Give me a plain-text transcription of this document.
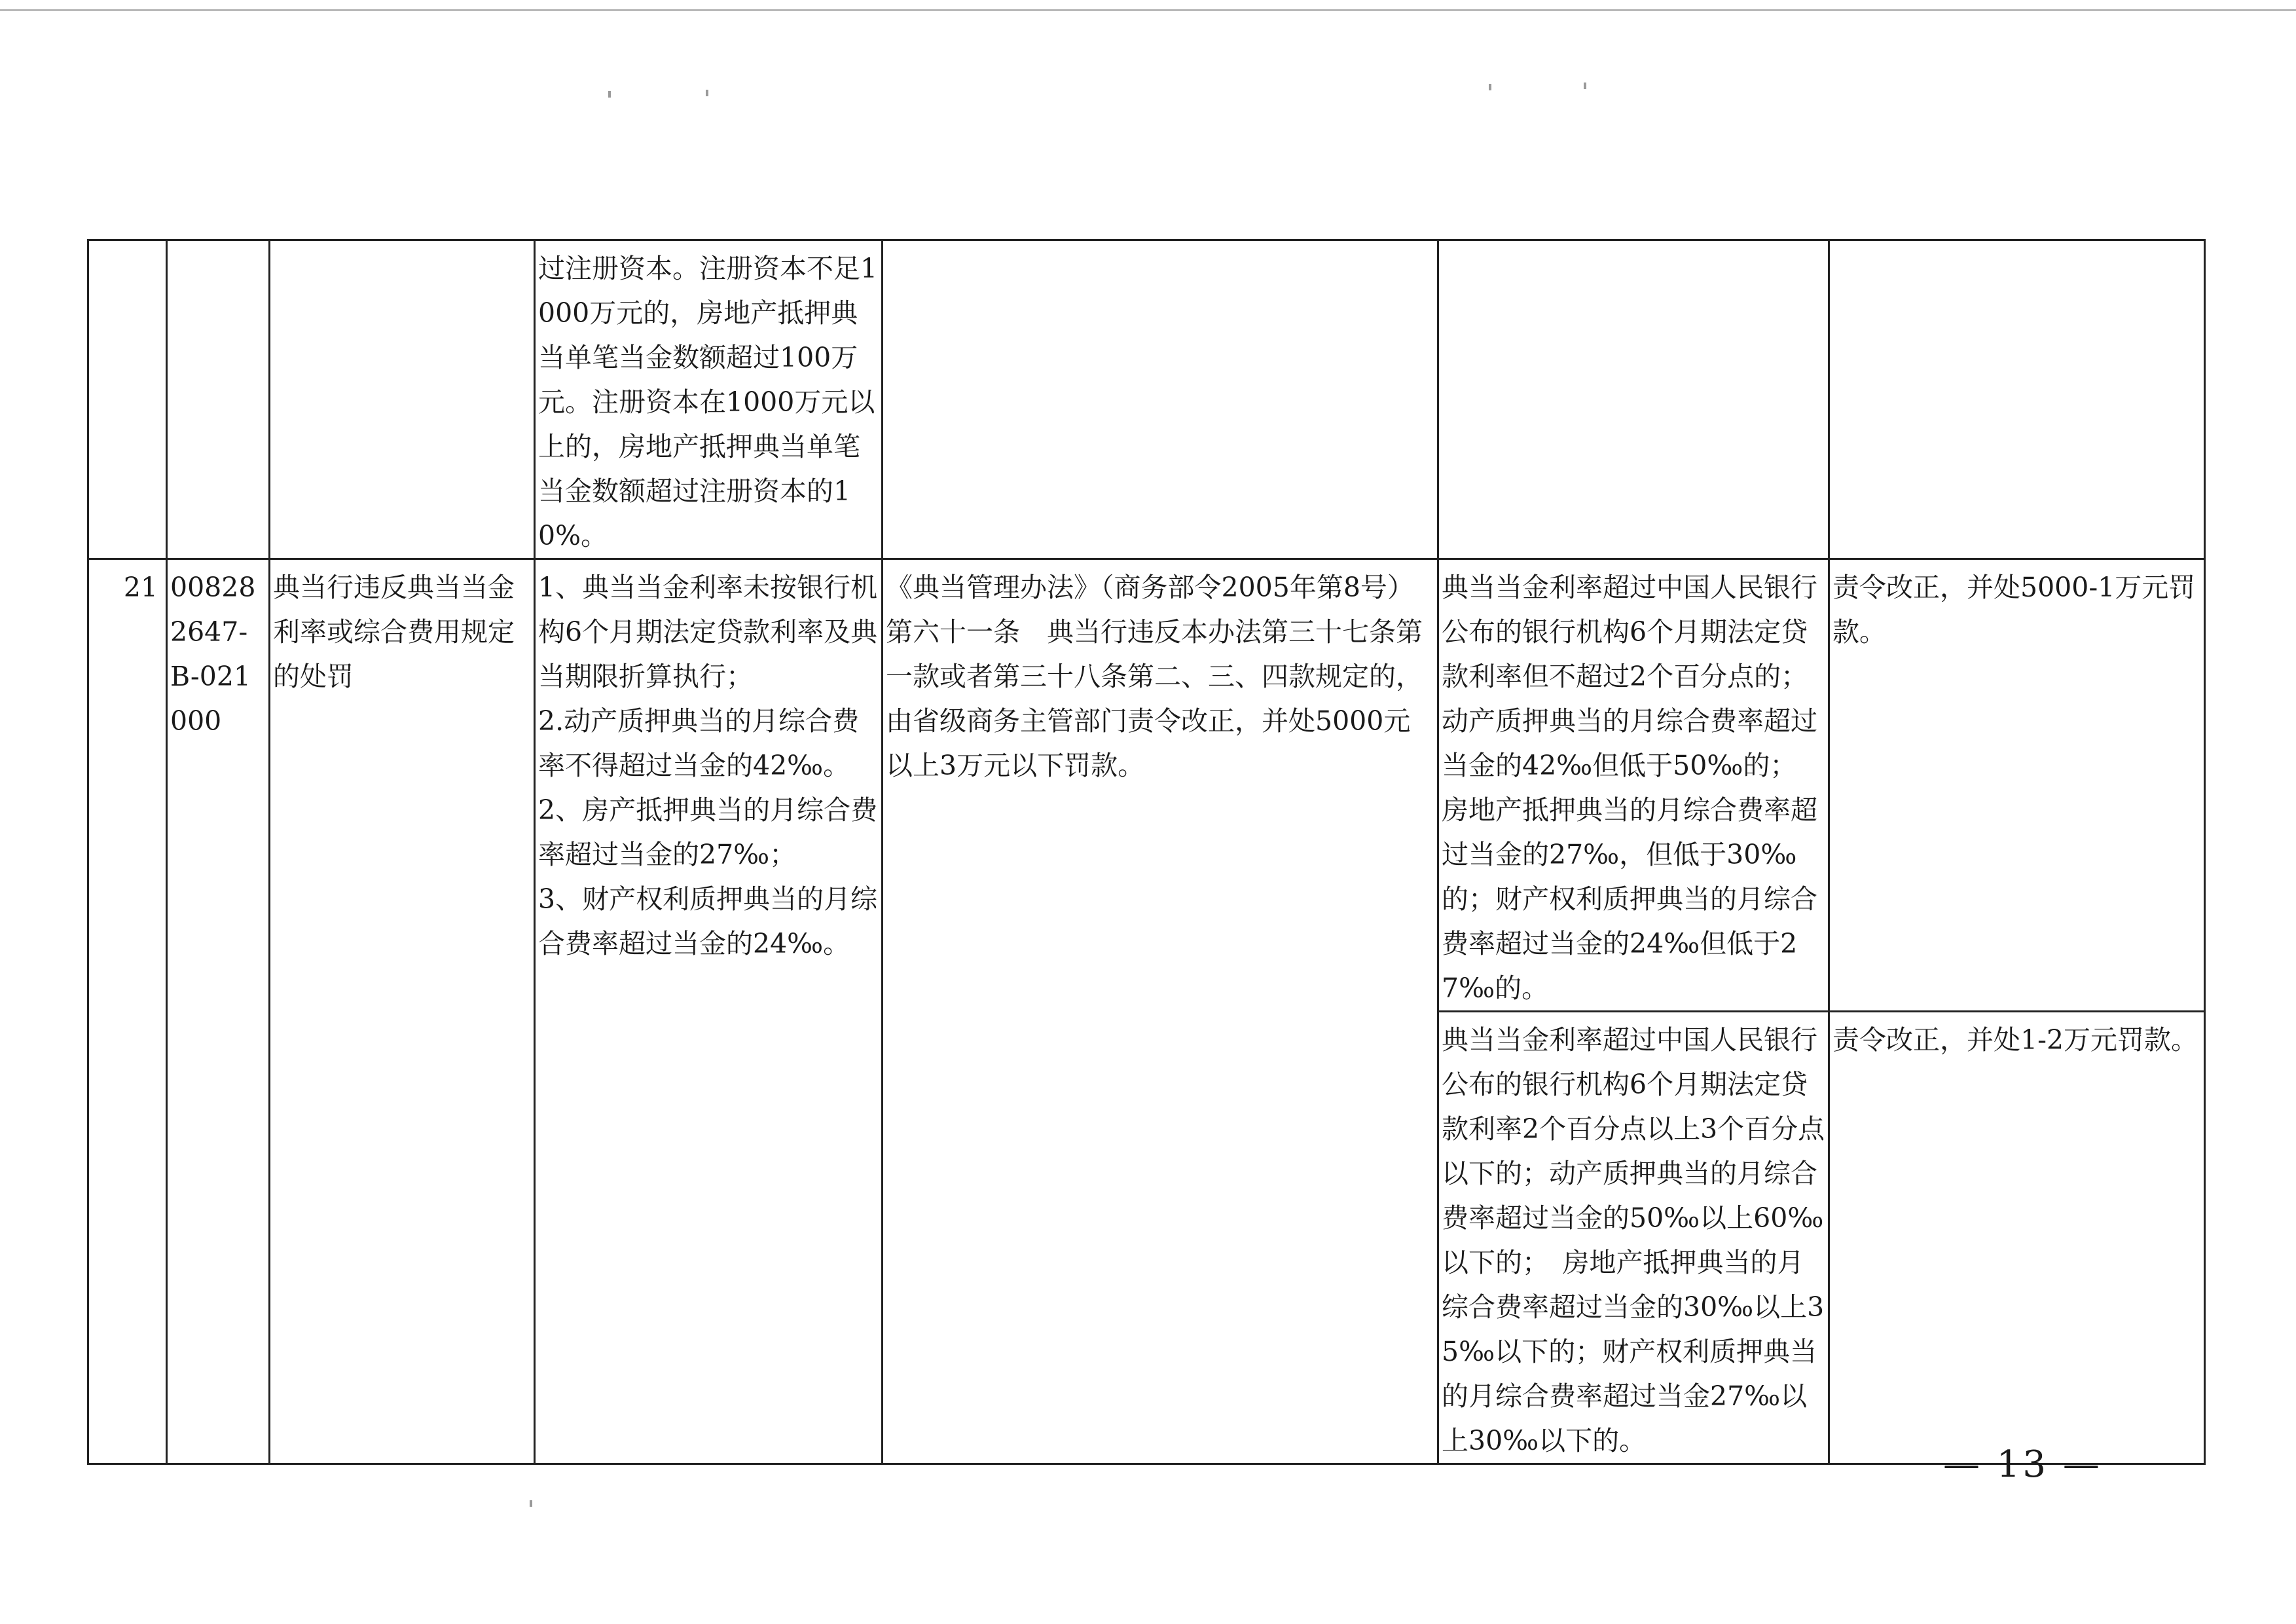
			过注册资本。注册资本不足1000万元的，房地产抵押典当单笔当金数额超过100万元。注册资本在1000万元以上的，房地产抵押典当单笔当金数额超过注册资本的10%。			
21	008282647-B-021000	典当行违反典当当金利率或综合费用规定的处罚	1、典当当金利率未按银行机构6个月期法定贷款利率及典当期限折算执行；
2.动产质押典当的月综合费率不得超过当金的42‰。
2、房产抵押典当的月综合费率超过当金的27‰；
3、财产权利质押典当的月综合费率超过当金的24‰。	《典当管理办法》（商务部令2005年第8号）第六十一条　典当行违反本办法第三十七条第一款或者第三十八条第二、三、四款规定的，由省级商务主管部门责令改正，并处5000元以上3万元以下罚款。	典当当金利率超过中国人民银行公布的银行机构6个月期法定贷款利率但不超过2个百分点的；动产质押典当的月综合费率超过当金的42‰但低于50‰的；　房地产抵押典当的月综合费率超过当金的27‰，但低于30‰的；财产权利质押典当的月综合费率超过当金的24‰但低于27‰的。	责令改正，并处5000-1万元罚款。
					典当当金利率超过中国人民银行公布的银行机构6个月期法定贷款利率2个百分点以上3个百分点以下的；动产质押典当的月综合费率超过当金的50‰以上60‰以下的；　房地产抵押典当的月综合费率超过当金的30‰以上35‰以下的；财产权利质押典当的月综合费率超过当金27‰以上30‰以下的。	责令改正，并处1-2万元罚款。
— 13 —
